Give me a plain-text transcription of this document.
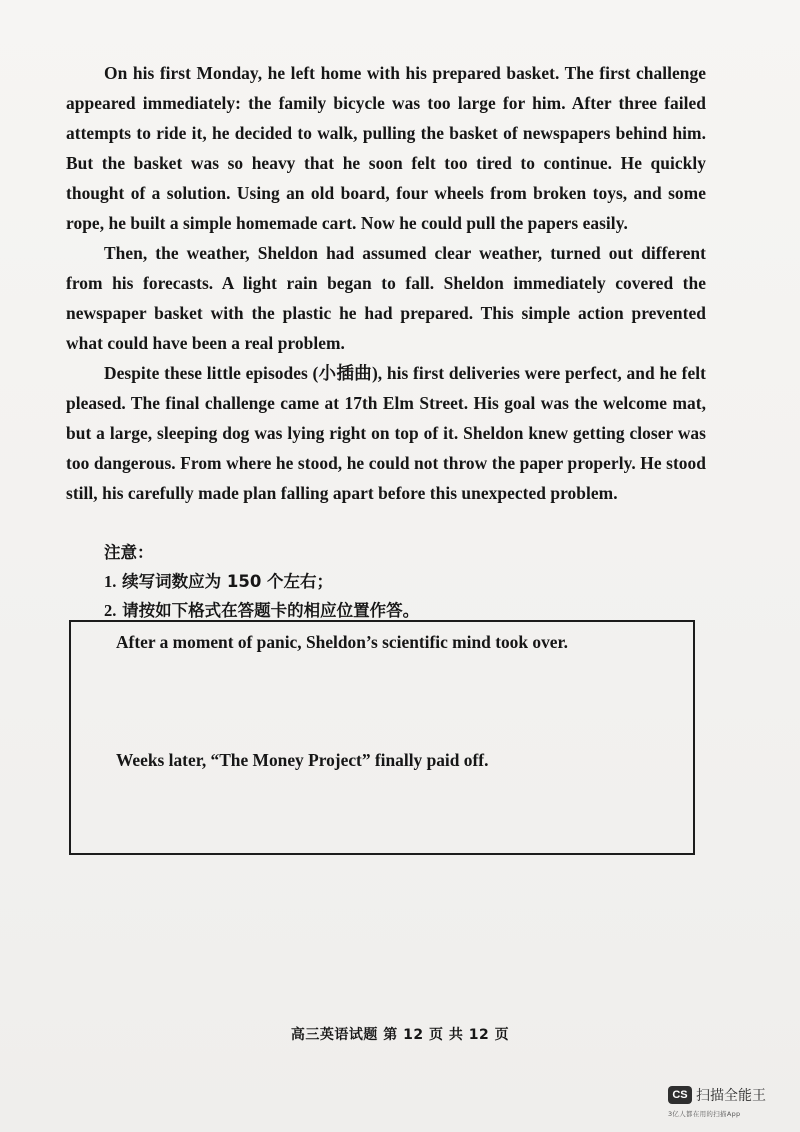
On his first Monday, he left home with his prepared basket. The first challenge appeared immediately: the family bicycle was too large for him. After three failed attempts to ride it, he decided to walk, pulling the basket of newspapers behind him. But the basket was so heavy that he soon felt too tired to continue. He quickly thought of a solution. Using an old board, four wheels from broken toys, and some rope, he built a simple homemade cart. Now he could pull the papers easily.

Then, the weather, Sheldon had assumed clear weather, turned out different from his forecasts. A light rain began to fall. Sheldon immediately covered the newspaper basket with the plastic he had prepared. This simple action prevented what could have been a real problem.

Despite these little episodes (小插曲), his first deliveries were perfect, and he felt pleased. The final challenge came at 17th Elm Street. His goal was the welcome mat, but a large, sleeping dog was lying right on top of it. Sheldon knew getting closer was too dangerous. From where he stood, he could not throw the paper properly. He stood still, his carefully made plan falling apart before this unexpected problem.

注意：

1. 续写词数应为 150 个左右；

2. 请按如下格式在答题卡的相应位置作答。

After a moment of panic, Sheldon’s scientific mind took over.

Weeks later, “The Money Project” finally paid off.

高三英语试题 第 12 页 共 12 页
CS 扫描全能王
3亿人都在用的扫描App
